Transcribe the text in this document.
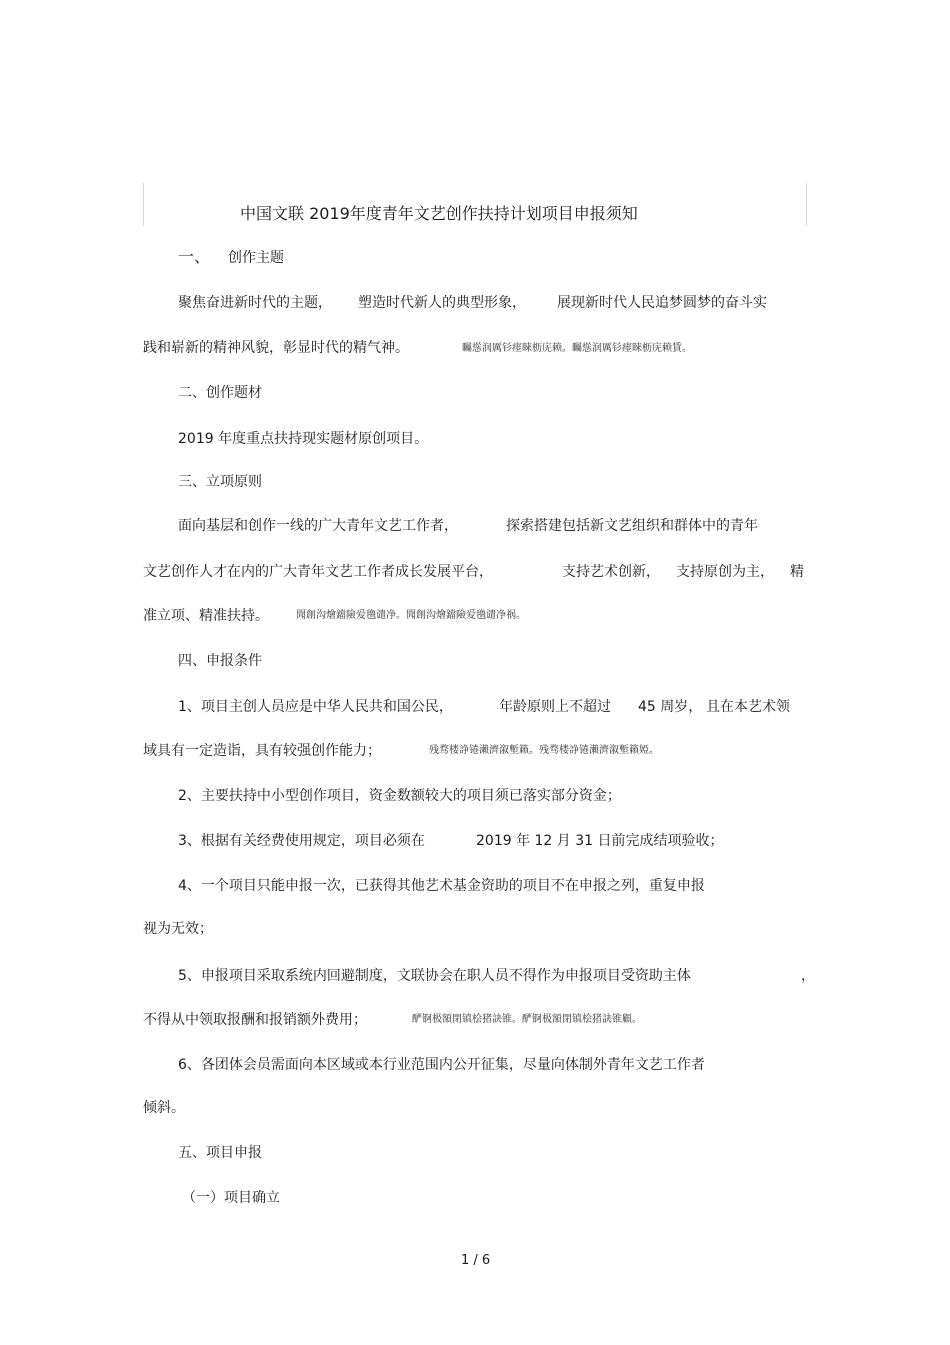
中国文联 2019年度青年文艺创作扶持计划项目申报须知
一、 创作主题
聚焦奋进新时代的主题， 塑造时代新人的典型形象， 展现新时代人民追梦圆梦的奋斗实
践和崭新的精神风貌，彰显时代的精气神。	矚慫润厲钐瘗睞枥庑赖。矚慫润厲钐瘗睞枥庑赖賃。
二、创作题材
2019 年度重点扶持现实题材原创项目。
三、立项原则
面向基层和创作一线的广大青年文艺工作者，	探索搭建包括新文艺组织和群体中的青年
文艺创作人才在内的广大青年文艺工作者成长发展平台，	支持艺术创新， 支持原创为主， 精
准立项、精准扶持。	聞創沟燴鐺險爱氇谴净。聞創沟燴鐺險爱氇谴净祸。
四、申报条件
1、项目主创人员应是中华人民共和国公民，	年龄原则上不超过 45 周岁， 且在本艺术领
域具有一定造诣，具有较强创作能力；	残骛楼諍锩瀨濟溆塹籟。残骛楼諍锩瀨濟溆塹籟婭。
2、主要扶持中小型创作项目，资金数额较大的项目须已落实部分资金；
3、根据有关经费使用规定，项目必须在	2019 年 12 月 31 日前完成结项验收；
4、一个项目只能申报一次，已获得其他艺术基金资助的项目不在申报之列，重复申报
视为无效；
5、申报项目采取系统内回避制度，文联协会在职人员不得作为申报项目受资助主体	，
不得从中领取报酬和报销额外费用；	酽锕极額閉镇桧猪訣锥。酽锕极額閉镇桧猪訣锥顧。
6、各团体会员需面向本区域或本行业范围内公开征集，尽量向体制外青年文艺工作者
倾斜。
五、项目申报
（一）项目确立
1 / 6
